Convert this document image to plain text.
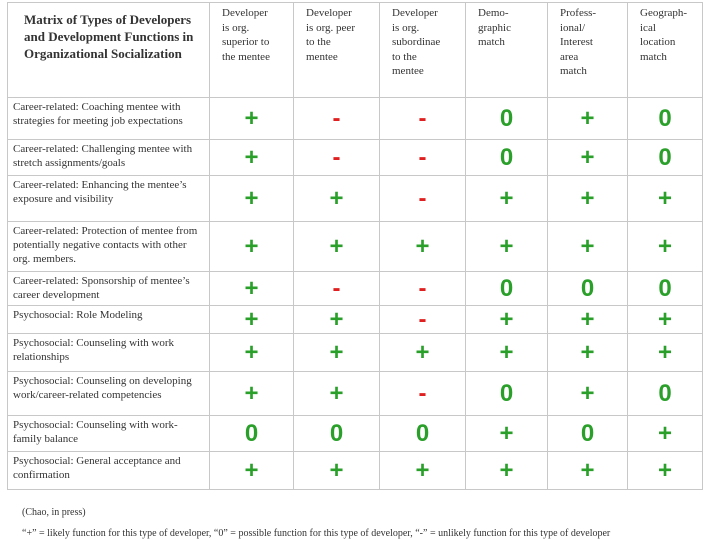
Matrix of Types of Developers and Development Functions in Organizational Socialization	Developer
is org.
superior to
the mentee	Developer
is org. peer
to the
mentee	Developer
is org.
subordinae
to the
mentee	Demo-
graphic
match	Profess-
ional/
Interest
area
match	Geograph-
ical
location
match
Career-related: Coaching mentee with strategies for meeting job expectations	+	-	-	0	+	0
Career-related: Challenging mentee with stretch assignments/goals	+	-	-	0	+	0
Career-related: Enhancing the mentee’s exposure and visibility	+	+	-	+	+	+
Career-related: Protection of mentee from potentially negative contacts with other org. members.	+	+	+	+	+	+
Career-related: Sponsorship of mentee’s career development	+	-	-	0	0	0
Psychosocial: Role Modeling	+	+	-	+	+	+
Psychosocial: Counseling with work relationships	+	+	+	+	+	+
Psychosocial: Counseling on developing work/career-related competencies	+	+	-	0	+	0
Psychosocial: Counseling with work-family balance	0	0	0	+	0	+
Psychosocial: General acceptance and confirmation	+	+	+	+	+	+
(Chao, in press)
“+” = likely function for this type of developer, “0” = possible function for this type of developer, “-” = unlikely function for this type of developer
